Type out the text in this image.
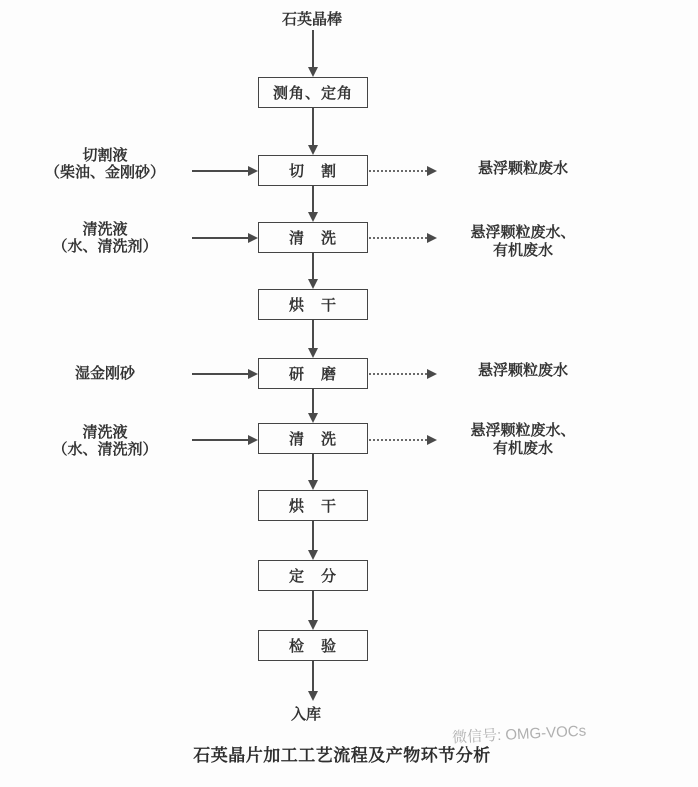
石英晶棒
测角、定角
切　割
清　洗
烘　干
研　磨
清　洗
烘　干
定　分
检　验
切割液
（柴油、金刚砂）
清洗液
（水、清洗剂）
湿金刚砂
清洗液
（水、清洗剂）
悬浮颗粒废水
悬浮颗粒废水、
有机废水
悬浮颗粒废水
悬浮颗粒废水、
有机废水
入库
石英晶片加工工艺流程及产物环节分析
微信号: OMG-VOCs
